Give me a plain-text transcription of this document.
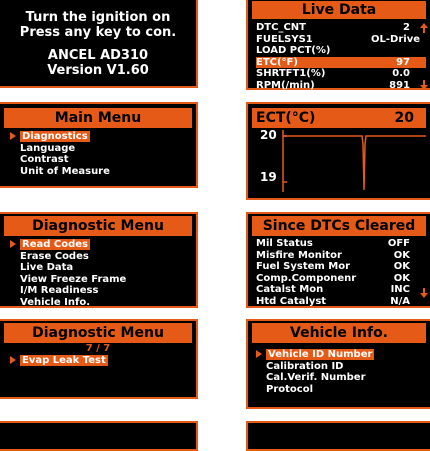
Turn the ignition on
Press any key to con.
ANCEL AD310
Version V1.60
Live Data
DTC_CNT	2
FUELSYS1	OL-Drive
LOAD PCT(%)
ETC(°F)	97
SHRTFT1(%)	0.0
RPM(/min)	891
Main Menu
Diagnostics
Language
Contrast
Unit of Measure
ECT(°C)	20
20
19
Diagnostic Menu
Read Codes
Erase Codes
Live Data
View Freeze Frame
I/M Readiness
Vehicle Info.
Since DTCs Cleared
Mil Status	OFF
Misfire Monitor	OK
Fuel System Mor	OK
Comp.Componenr	OK
Catalst Mon	INC
Htd Catalyst	N/A
Diagnostic Menu
7 / 7
Evap Leak Test
Vehicle Info.
Vehicle ID Number
Calibration ID
Cal.Verif. Number
Protocol
